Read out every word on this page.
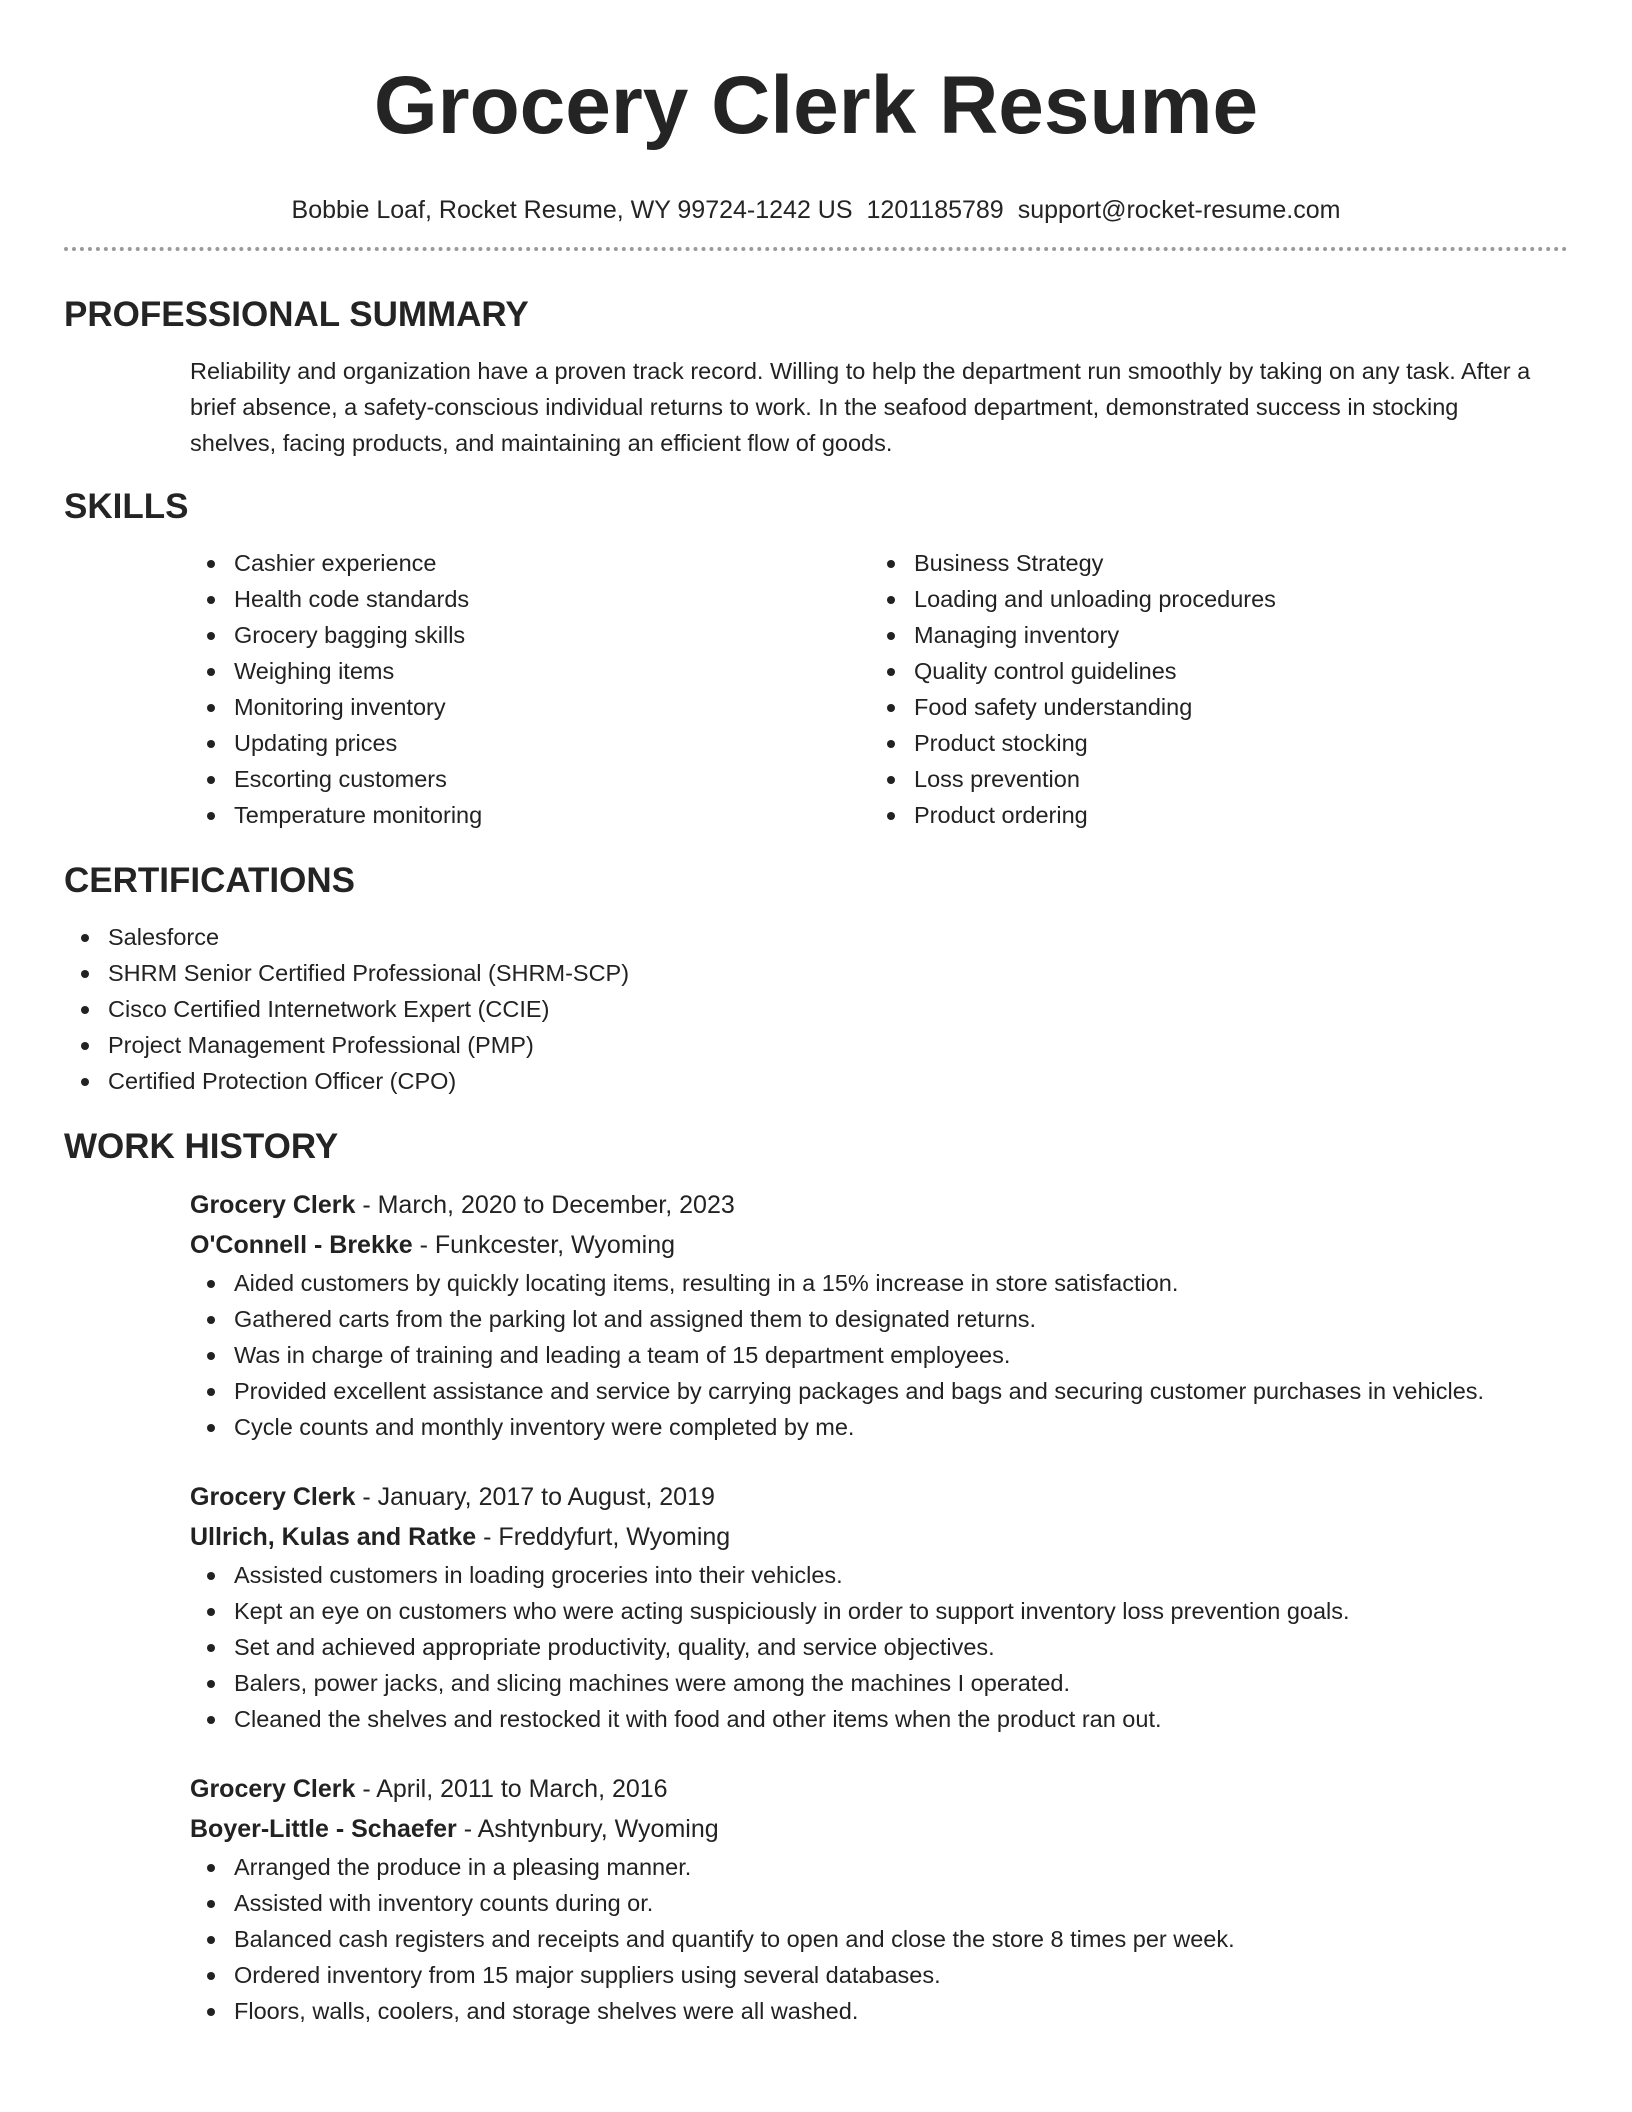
Grocery Clerk Resume
Bobbie Loaf, Rocket Resume, WY 99724-1242 US 1201185789 support@rocket-resume.com
PROFESSIONAL SUMMARY

Reliability and organization have a proven track record. Willing to help the department run smoothly by taking on any task. After a brief absence, a safety-conscious individual returns to work. In the seafood department, demonstrated success in stocking shelves, facing products, and maintaining an efficient flow of goods.

SKILLS
Cashier experience
Health code standards
Grocery bagging skills
Weighing items
Monitoring inventory
Updating prices
Escorting customers
Temperature monitoring
Business Strategy
Loading and unloading procedures
Managing inventory
Quality control guidelines
Food safety understanding
Product stocking
Loss prevention
Product ordering
CERTIFICATIONS
Salesforce
SHRM Senior Certified Professional (SHRM-SCP)
Cisco Certified Internetwork Expert (CCIE)
Project Management Professional (PMP)
Certified Protection Officer (CPO)
WORK HISTORY
Grocery Clerk - March, 2020 to December, 2023
O'Connell - Brekke - Funkcester, Wyoming
Aided customers by quickly locating items, resulting in a 15% increase in store satisfaction.
Gathered carts from the parking lot and assigned them to designated returns.
Was in charge of training and leading a team of 15 department employees.
Provided excellent assistance and service by carrying packages and bags and securing customer purchases in vehicles.
Cycle counts and monthly inventory were completed by me.
Grocery Clerk - January, 2017 to August, 2019
Ullrich, Kulas and Ratke - Freddyfurt, Wyoming
Assisted customers in loading groceries into their vehicles.
Kept an eye on customers who were acting suspiciously in order to support inventory loss prevention goals.
Set and achieved appropriate productivity, quality, and service objectives.
Balers, power jacks, and slicing machines were among the machines I operated.
Cleaned the shelves and restocked it with food and other items when the product ran out.
Grocery Clerk - April, 2011 to March, 2016
Boyer-Little - Schaefer - Ashtynbury, Wyoming
Arranged the produce in a pleasing manner.
Assisted with inventory counts during or.
Balanced cash registers and receipts and quantify to open and close the store 8 times per week.
Ordered inventory from 15 major suppliers using several databases.
Floors, walls, coolers, and storage shelves were all washed.
